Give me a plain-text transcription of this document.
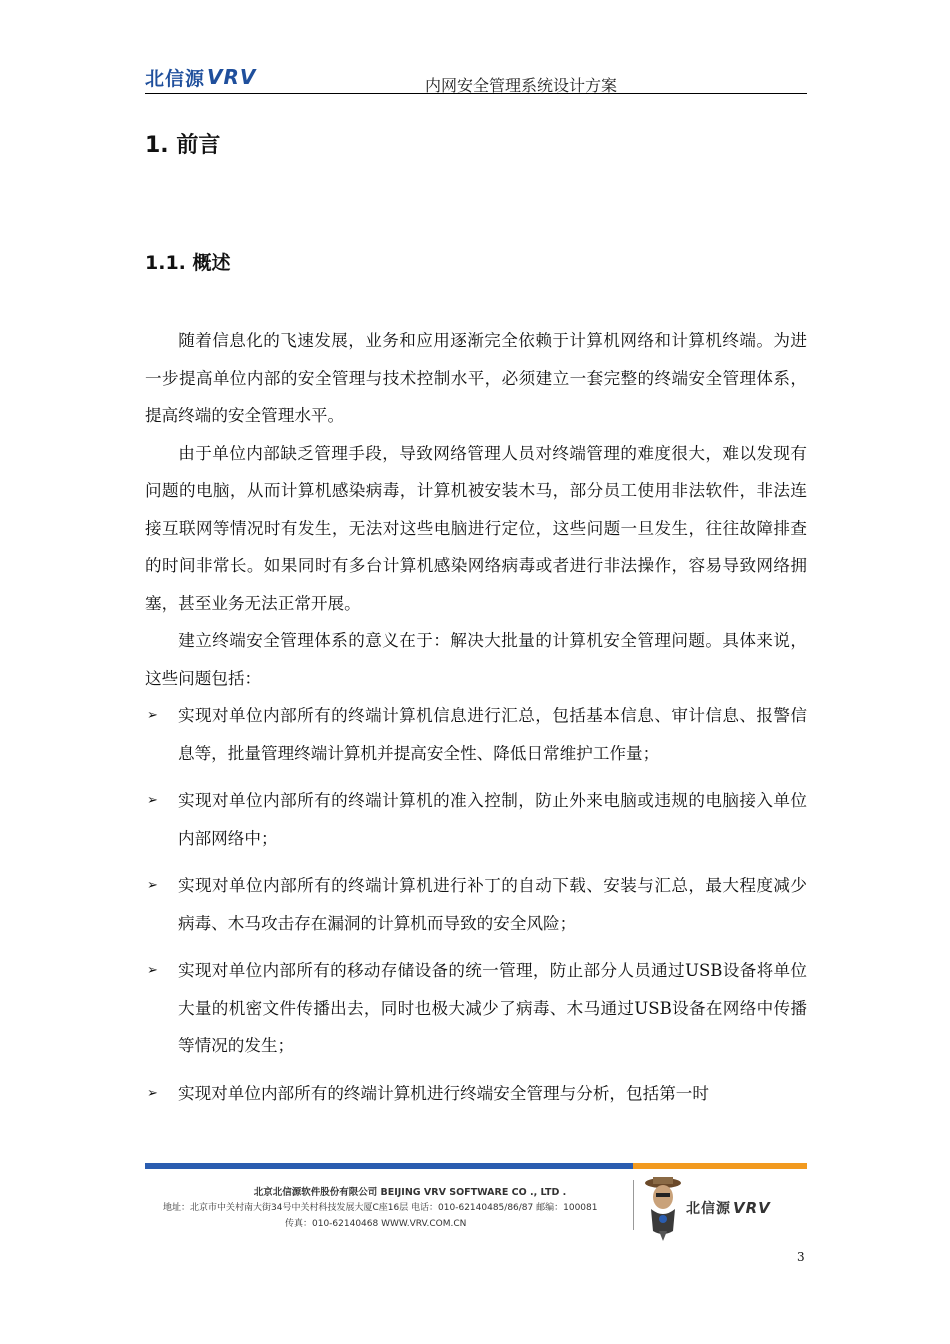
北信源 VRV	内网安全管理系统设计方案
1. 前言
1.1. 概述

随着信息化的飞速发展，业务和应用逐渐完全依赖于计算机网络和计算机终端。为进一步提高单位内部的安全管理与技术控制水平，必须建立一套完整的终端安全管理体系，提高终端的安全管理水平。

由于单位内部缺乏管理手段，导致网络管理人员对终端管理的难度很大，难以发现有问题的电脑，从而计算机感染病毒，计算机被安装木马，部分员工使用非法软件，非法连接互联网等情况时有发生，无法对这些电脑进行定位，这些问题一旦发生，往往故障排查的时间非常长。如果同时有多台计算机感染网络病毒或者进行非法操作，容易导致网络拥塞，甚至业务无法正常开展。

建立终端安全管理体系的意义在于：解决大批量的计算机安全管理问题。具体来说，这些问题包括：

➢	实现对单位内部所有的终端计算机信息进行汇总，包括基本信息、审计信息、报警信息等，批量管理终端计算机并提高安全性、降低日常维护工作量；
➢	实现对单位内部所有的终端计算机的准入控制，防止外来电脑或违规的电脑接入单位内部网络中；
➢	实现对单位内部所有的终端计算机进行补丁的自动下载、安装与汇总，最大程度减少病毒、木马攻击存在漏洞的计算机而导致的安全风险；
➢	实现对单位内部所有的移动存储设备的统一管理，防止部分人员通过USB设备将单位大量的机密文件传播出去，同时也极大减少了病毒、木马通过USB设备在网络中传播等情况的发生；
➢	实现对单位内部所有的终端计算机进行终端安全管理与分析，包括第一时
北京北信源软件股份有限公司 BEIJING VRV SOFTWARE CO ., LTD .
地址：北京市中关村南大街34号中关村科技发展大厦C座16层 电话：010-62140485/86/87 邮编：100081
传真：010-62140468 WWW.VRV.COM.CN
北信源 VRV
3
